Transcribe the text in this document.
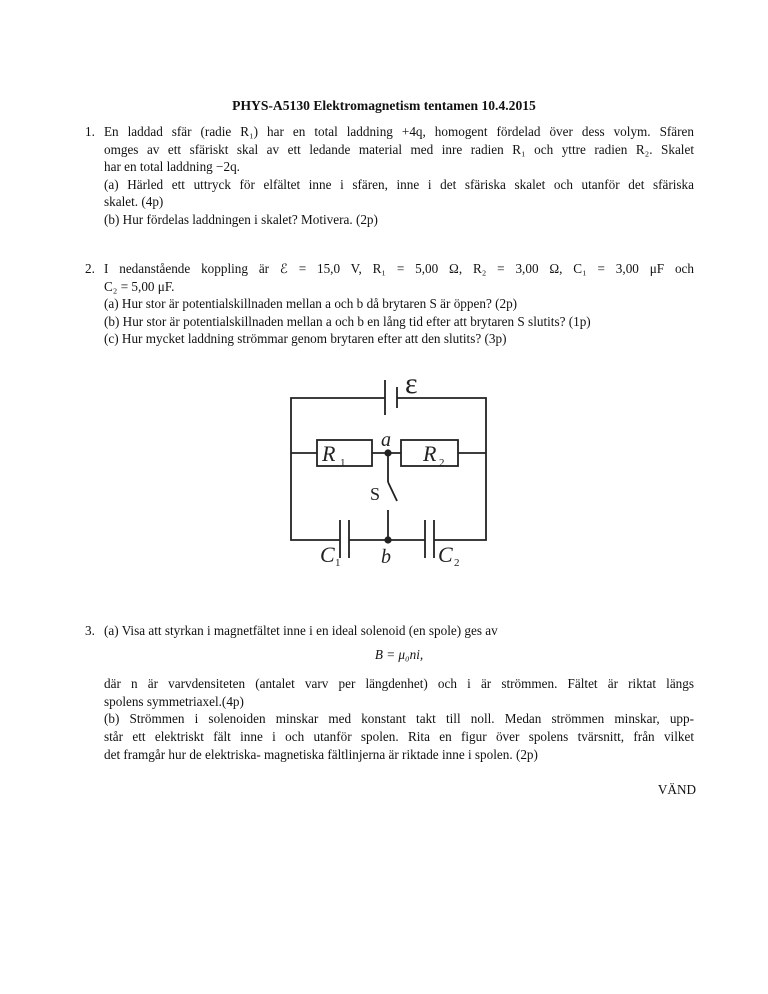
PHYS-A5130 Elektromagnetism tentamen 10.4.2015
1. En laddad sfär (radie R₁) har en total laddning +4q, homogent fördelad över dess volym. Sfären
omges av ett sfäriskt skal av ett ledande material med inre radien R₁ och yttre radien R₂. Skalet
har en total laddning −2q.
(a) Härled ett uttryck för elfältet inne i sfären, inne i det sfäriska skalet och utanför det sfäriska
skalet. (4p)
(b) Hur fördelas laddningen i skalet? Motivera. (2p)
2. I nedanstående koppling är ℰ = 15,0 V, R₁ = 5,00 Ω, R₂ = 3,00 Ω, C₁ = 3,00 μF och
C₂ = 5,00 μF.
(a) Hur stor är potentialskillnaden mellan a och b då brytaren S är öppen? (2p)
(b) Hur stor är potentialskillnaden mellan a och b en lång tid efter att brytaren S slutits? (1p)
(c) Hur mycket laddning strömmar genom brytaren efter att den slutits? (3p)
ε
a
R 1	R 2
S
C 1 b C 2
3. (a) Visa att styrkan i magnetfältet inne i en ideal solenoid (en spole) ges av
B = μ₀ni,
där n är varvdensiteten (antalet varv per längdenhet) och i är strömmen. Fältet är riktat längs
spolens symmetriaxel.(4p)
(b) Strömmen i solenoiden minskar med konstant takt till noll. Medan strömmen minskar, upp-
står ett elektriskt fält inne i och utanför spolen. Rita en figur över spolens tvärsnitt, från vilket
det framgår hur de elektriska- magnetiska fältlinjerna är riktade inne i spolen. (2p)
VÄND
